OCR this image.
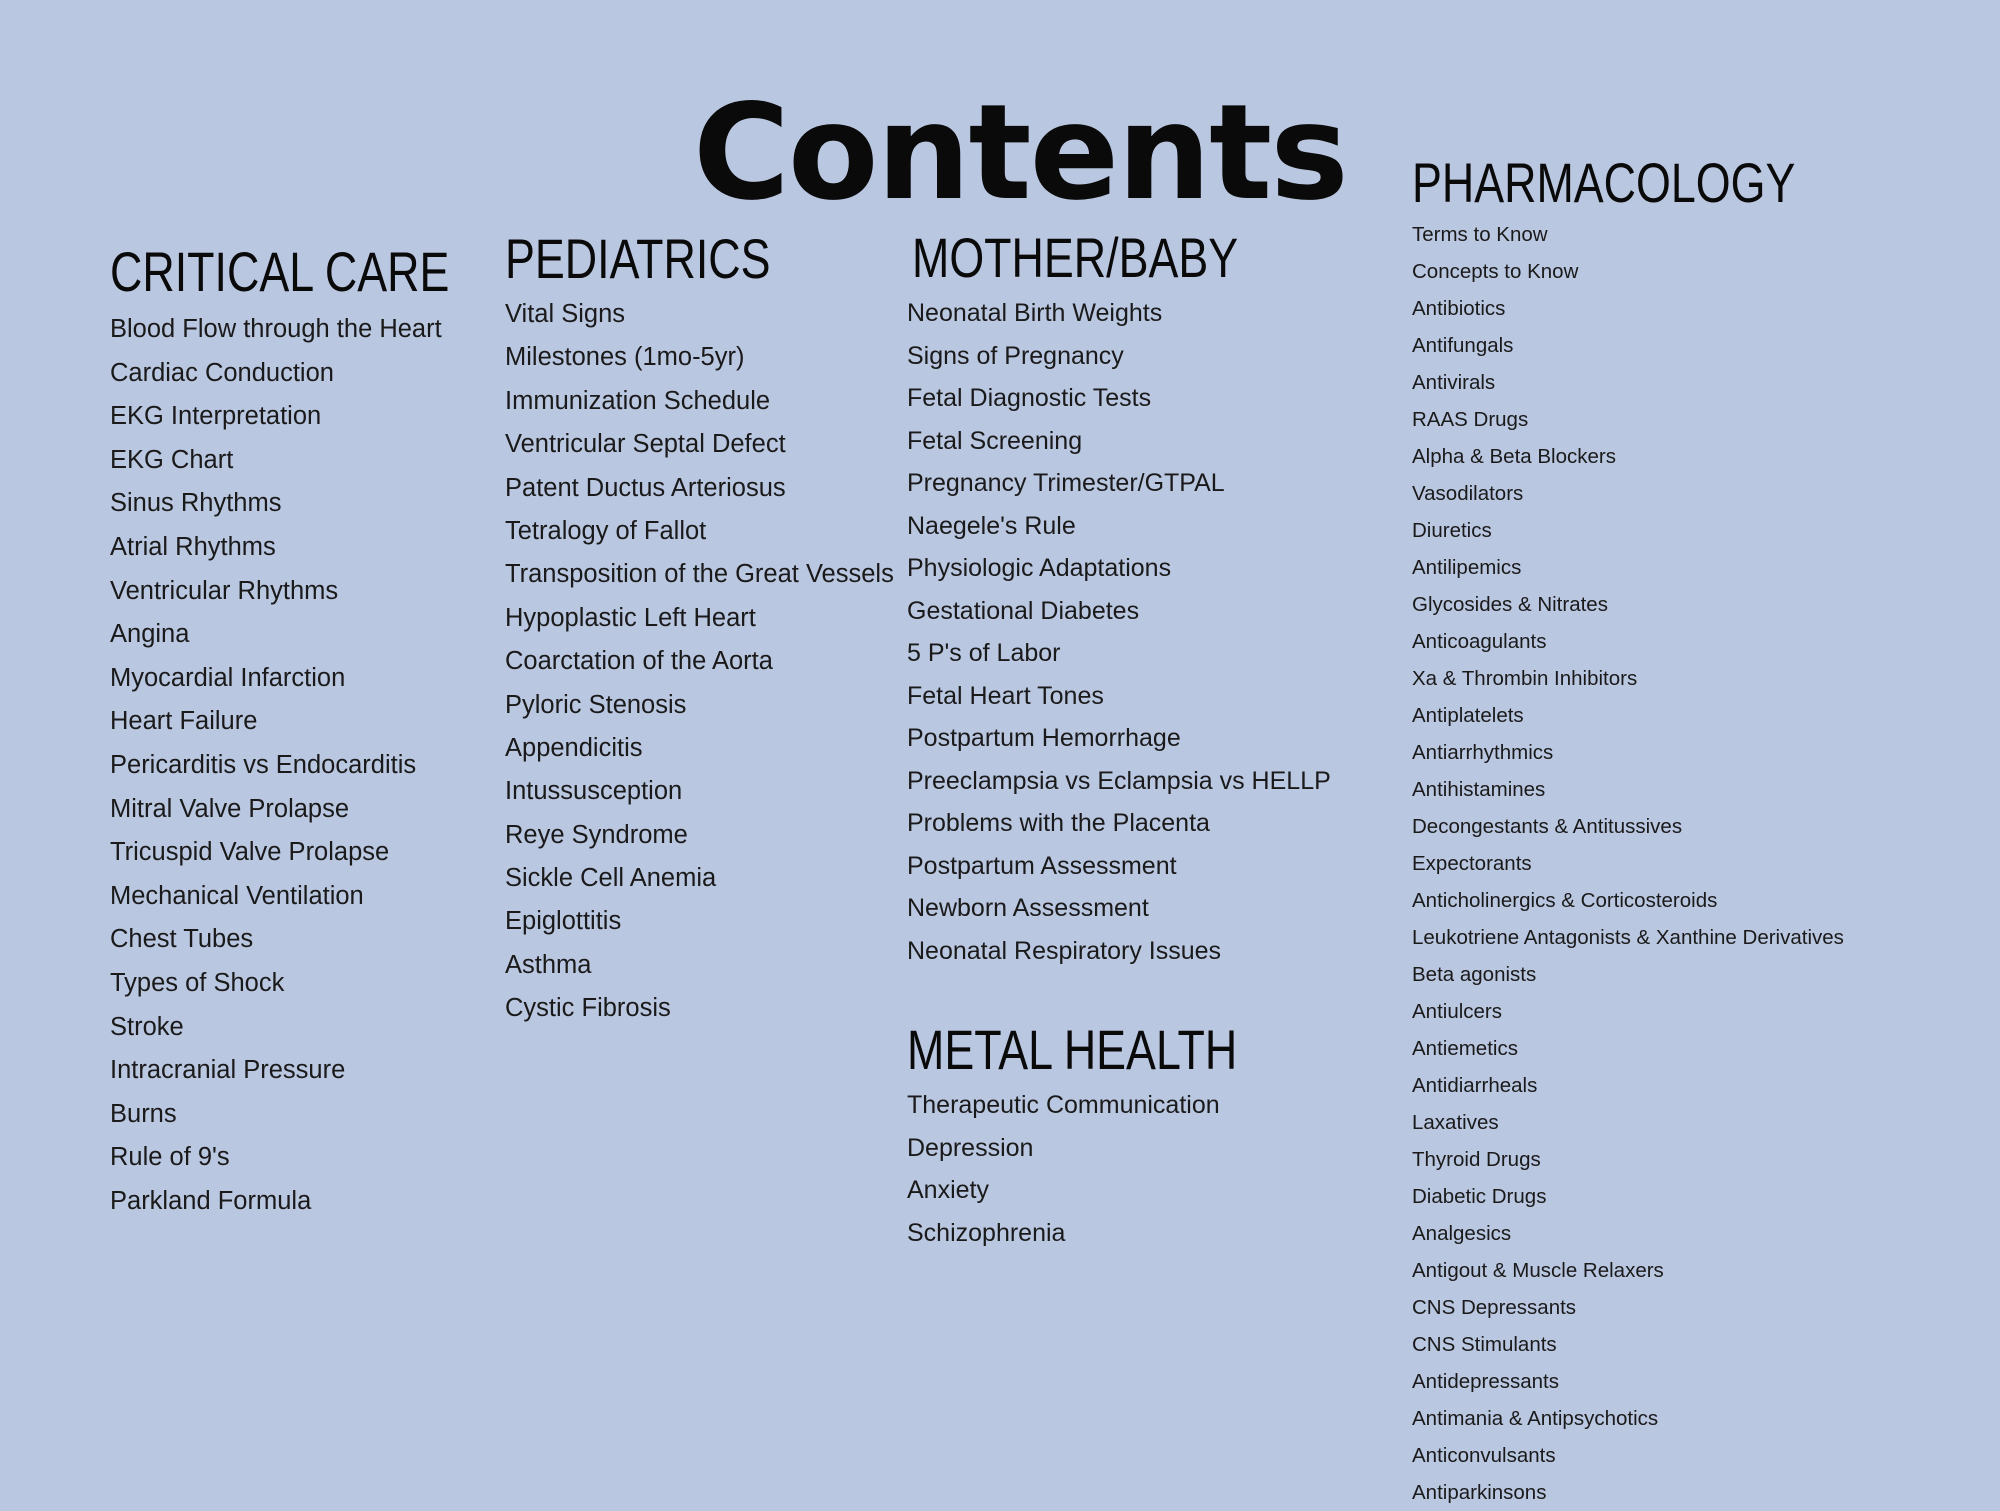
Contents
CRITICAL CARE
Blood Flow through the Heart
Cardiac Conduction
EKG Interpretation
EKG Chart
Sinus Rhythms
Atrial Rhythms
Ventricular Rhythms
Angina
Myocardial Infarction
Heart Failure
Pericarditis vs Endocarditis
Mitral Valve Prolapse
Tricuspid Valve Prolapse
Mechanical Ventilation
Chest Tubes
Types of Shock
Stroke
Intracranial Pressure
Burns
Rule of 9's
Parkland Formula
PEDIATRICS
Vital Signs
Milestones (1mo-5yr)
Immunization Schedule
Ventricular Septal Defect
Patent Ductus Arteriosus
Tetralogy of Fallot
Transposition of the Great Vessels
Hypoplastic Left Heart
Coarctation of the Aorta
Pyloric Stenosis
Appendicitis
Intussusception
Reye Syndrome
Sickle Cell Anemia
Epiglottitis
Asthma
Cystic Fibrosis
MOTHER/BABY
Neonatal Birth Weights
Signs of Pregnancy
Fetal Diagnostic Tests
Fetal Screening
Pregnancy Trimester/GTPAL
Naegele's Rule
Physiologic Adaptations
Gestational Diabetes
5 P's of Labor
Fetal Heart Tones
Postpartum Hemorrhage
Preeclampsia vs Eclampsia vs HELLP
Problems with the Placenta
Postpartum Assessment
Newborn Assessment
Neonatal Respiratory Issues
METAL HEALTH
Therapeutic Communication
Depression
Anxiety
Schizophrenia
PHARMACOLOGY
Terms to Know
Concepts to Know
Antibiotics
Antifungals
Antivirals
RAAS Drugs
Alpha & Beta Blockers
Vasodilators
Diuretics
Antilipemics
Glycosides & Nitrates
Anticoagulants
Xa & Thrombin Inhibitors
Antiplatelets
Antiarrhythmics
Antihistamines
Decongestants & Antitussives
Expectorants
Anticholinergics & Corticosteroids
Leukotriene Antagonists & Xanthine Derivatives
Beta agonists
Antiulcers
Antiemetics
Antidiarrheals
Laxatives
Thyroid Drugs
Diabetic Drugs
Analgesics
Antigout & Muscle Relaxers
CNS Depressants
CNS Stimulants
Antidepressants
Antimania & Antipsychotics
Anticonvulsants
Antiparkinsons
